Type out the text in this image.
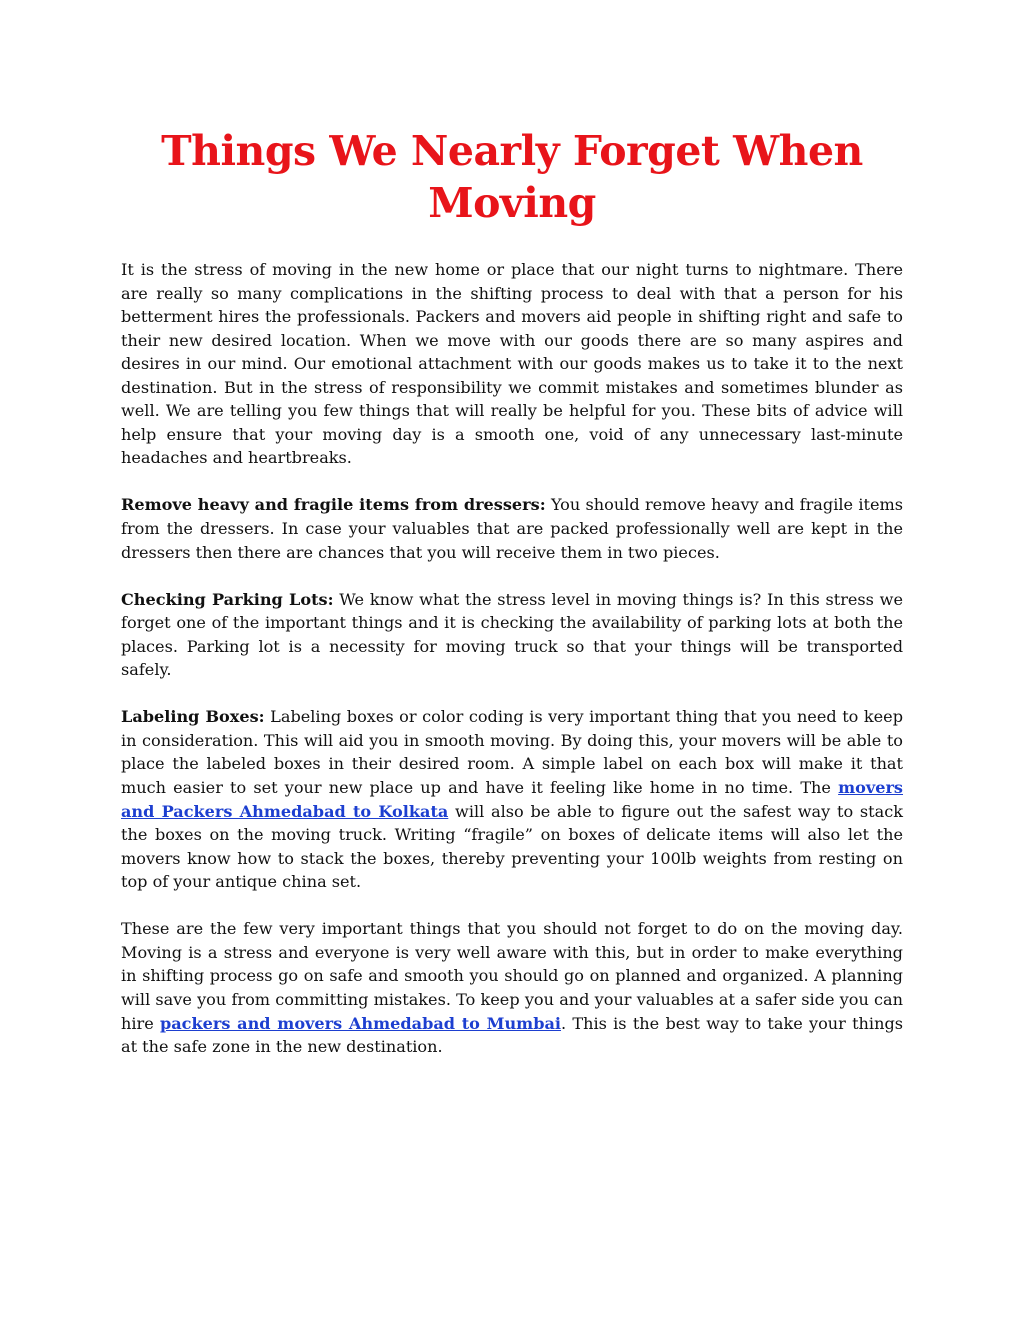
Things We Nearly Forget When
Moving

It is the stress of moving in the new home or place that our night turns to nightmare. There are really so many complications in the shifting process to deal with that a person for his betterment hires the professionals. Packers and movers aid people in shifting right and safe to their new desired location. When we move with our goods there are so many aspires and desires in our mind. Our emotional attachment with our goods makes us to take it to the next destination. But in the stress of responsibility we commit mistakes and sometimes blunder as well. We are telling you few things that will really be helpful for you. These bits of advice will help ensure that your moving day is a smooth one, void of any unnecessary last-minute headaches and heartbreaks.

Remove heavy and fragile items from dressers: You should remove heavy and fragile items from the dressers. In case your valuables that are packed professionally well are kept in the dressers then there are chances that you will receive them in two pieces.

Checking Parking Lots: We know what the stress level in moving things is? In this stress we forget one of the important things and it is checking the availability of parking lots at both the places. Parking lot is a necessity for moving truck so that your things will be transported safely.

Labeling Boxes: Labeling boxes or color coding is very important thing that you need to keep in consideration. This will aid you in smooth moving. By doing this, your movers will be able to place the labeled boxes in their desired room. A simple label on each box will make it that much easier to set your new place up and have it feeling like home in no time. The movers and Packers Ahmedabad to Kolkata will also be able to figure out the safest way to stack the boxes on the moving truck. Writing “fragile” on boxes of delicate items will also let the movers know how to stack the boxes, thereby preventing your 100lb weights from resting on top of your antique china set.

These are the few very important things that you should not forget to do on the moving day. Moving is a stress and everyone is very well aware with this, but in order to make everything in shifting process go on safe and smooth you should go on planned and organized. A planning will save you from committing mistakes. To keep you and your valuables at a safer side you can hire packers and movers Ahmedabad to Mumbai. This is the best way to take your things at the safe zone in the new destination.
